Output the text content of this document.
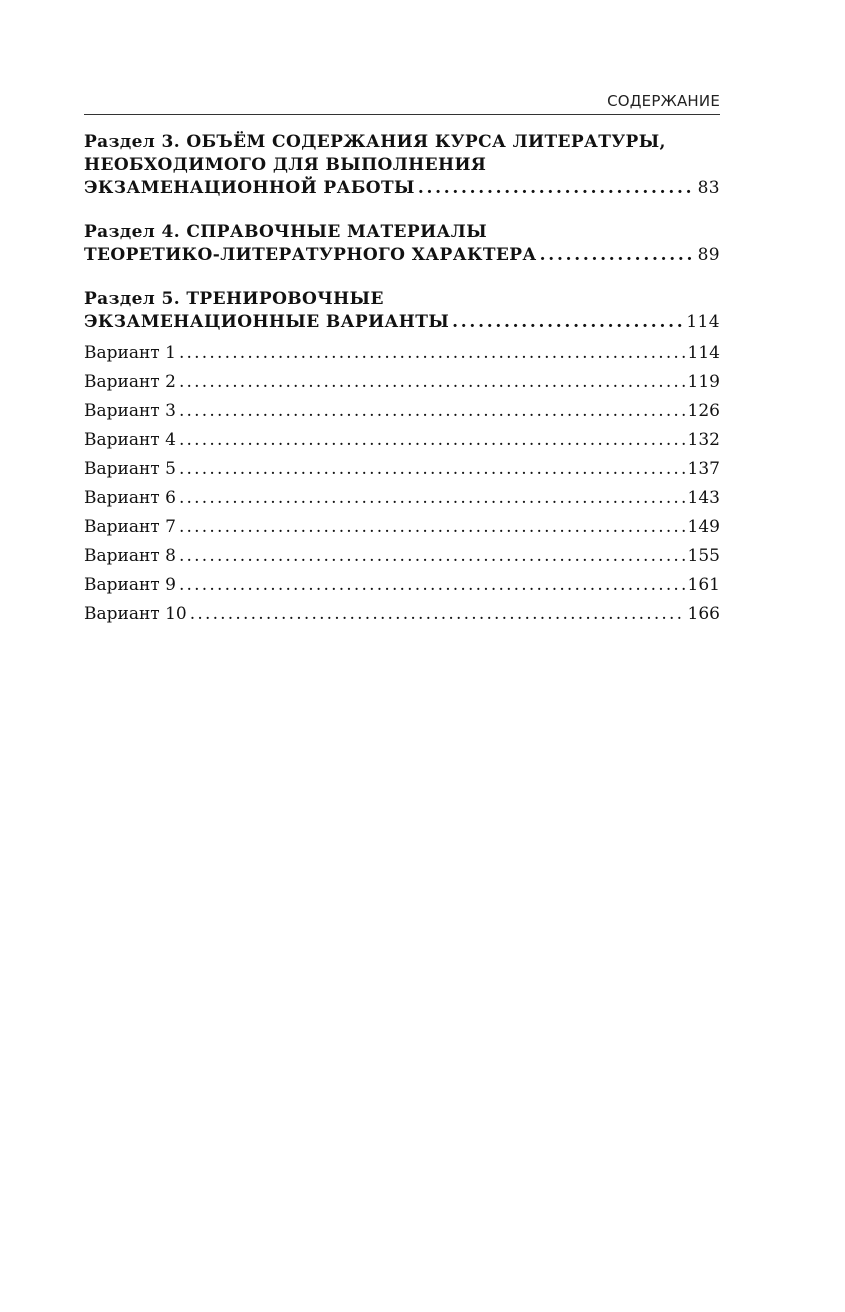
СОДЕРЖАНИЕ
Раздел 3. ОБЪЁМ СОДЕРЖАНИЯ КУРСА ЛИТЕРАТУРЫ,
НЕОБХОДИМОГО ДЛЯ ВЫПОЛНЕНИЯ
ЭКЗАМЕНАЦИОННОЙ РАБОТЫ . . .	83
Раздел 4. СПРАВОЧНЫЕ МАТЕРИАЛЫ
ТЕОРЕТИКО-ЛИТЕРАТУРНОГО ХАРАКТЕРА . . .	89
Раздел 5. ТРЕНИРОВОЧНЫЕ
ЭКЗАМЕНАЦИОННЫЕ ВАРИАНТЫ . . .	114
Вариант 1 . . .	114
Вариант 2 . . .	119
Вариант 3 . . .	126
Вариант 4 . . .	132
Вариант 5 . . .	137
Вариант 6 . . .	143
Вариант 7 . . .	149
Вариант 8 . . .	155
Вариант 9 . . .	161
Вариант 10 . . .	166
